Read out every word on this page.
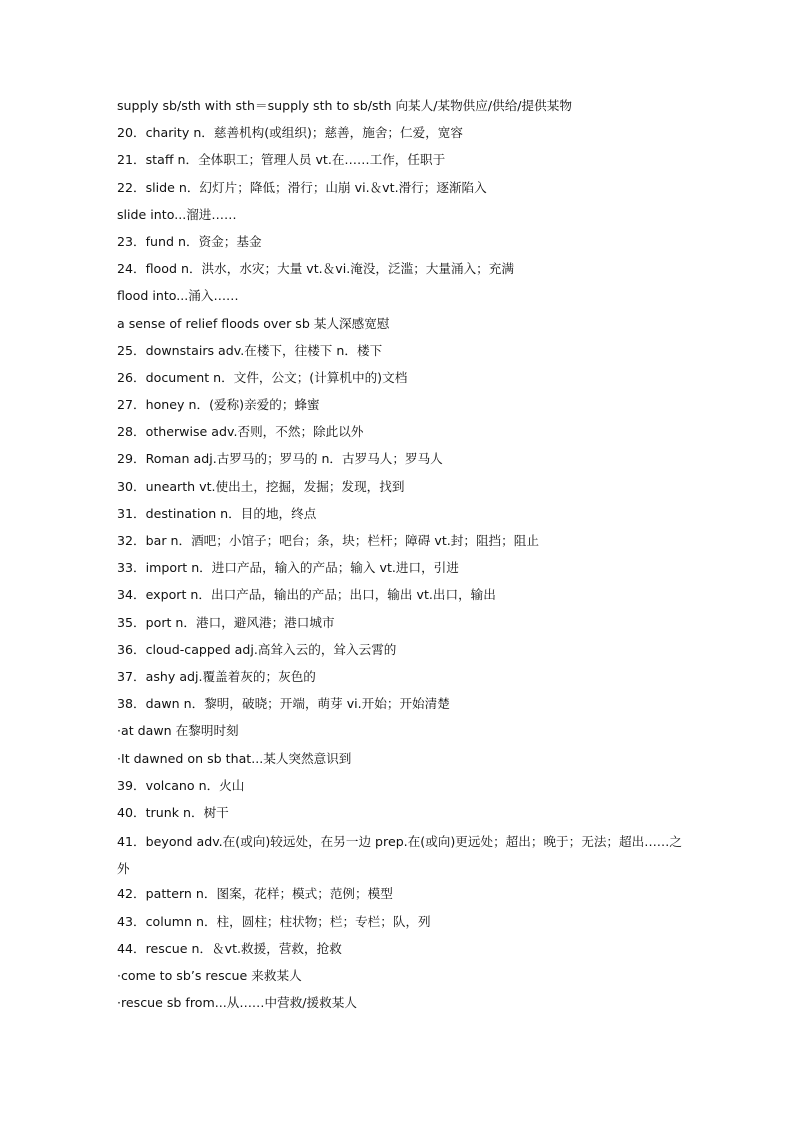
supply sb/sth with sth＝supply sth to sb/sth 向某人/某物供应/供给/提供某物
20．charity n．慈善机构(或组织)；慈善，施舍；仁爱，宽容
21．staff n．全体职工；管理人员 vt.在……工作，任职于
22．slide n．幻灯片；降低；滑行；山崩 vi.＆vt.滑行；逐渐陷入
slide into...溜进……
23．fund n．资金；基金
24．flood n．洪水，水灾；大量 vt.＆vi.淹没，泛滥；大量涌入；充满
flood into...涌入……
a sense of relief floods over sb 某人深感宽慰
25．downstairs adv.在楼下，往楼下 n．楼下
26．document n．文件，公文；(计算机中的)文档
27．honey n．(爱称)亲爱的；蜂蜜
28．otherwise adv.否则，不然；除此以外
29．Roman adj.古罗马的；罗马的 n．古罗马人；罗马人
30．unearth vt.使出土，挖掘，发掘；发现，找到
31．destination n．目的地，终点
32．bar n．酒吧；小馆子；吧台；条，块；栏杆；障碍 vt.封；阻挡；阻止
33．import n．进口产品，输入的产品；输入 vt.进口，引进
34．export n．出口产品，输出的产品；出口，输出 vt.出口，输出
35．port n．港口，避风港；港口城市
36．cloud-capped adj.高耸入云的，耸入云霄的
37．ashy adj.覆盖着灰的；灰色的
38．dawn n．黎明，破晓；开端，萌芽 vi.开始；开始清楚
·at dawn 在黎明时刻
·It dawned on sb that...某人突然意识到
39．volcano n．火山
40．trunk n．树干
41．beyond adv.在(或向)较远处，在另一边 prep.在(或向)更远处；超出；晚于；无法；超出……之外
42．pattern n．图案，花样；模式；范例；模型
43．column n．柱，圆柱；柱状物；栏；专栏；队，列
44．rescue n．＆vt.救援，营救，抢救
·come to sb’s rescue 来救某人
·rescue sb from...从……中营救/援救某人
